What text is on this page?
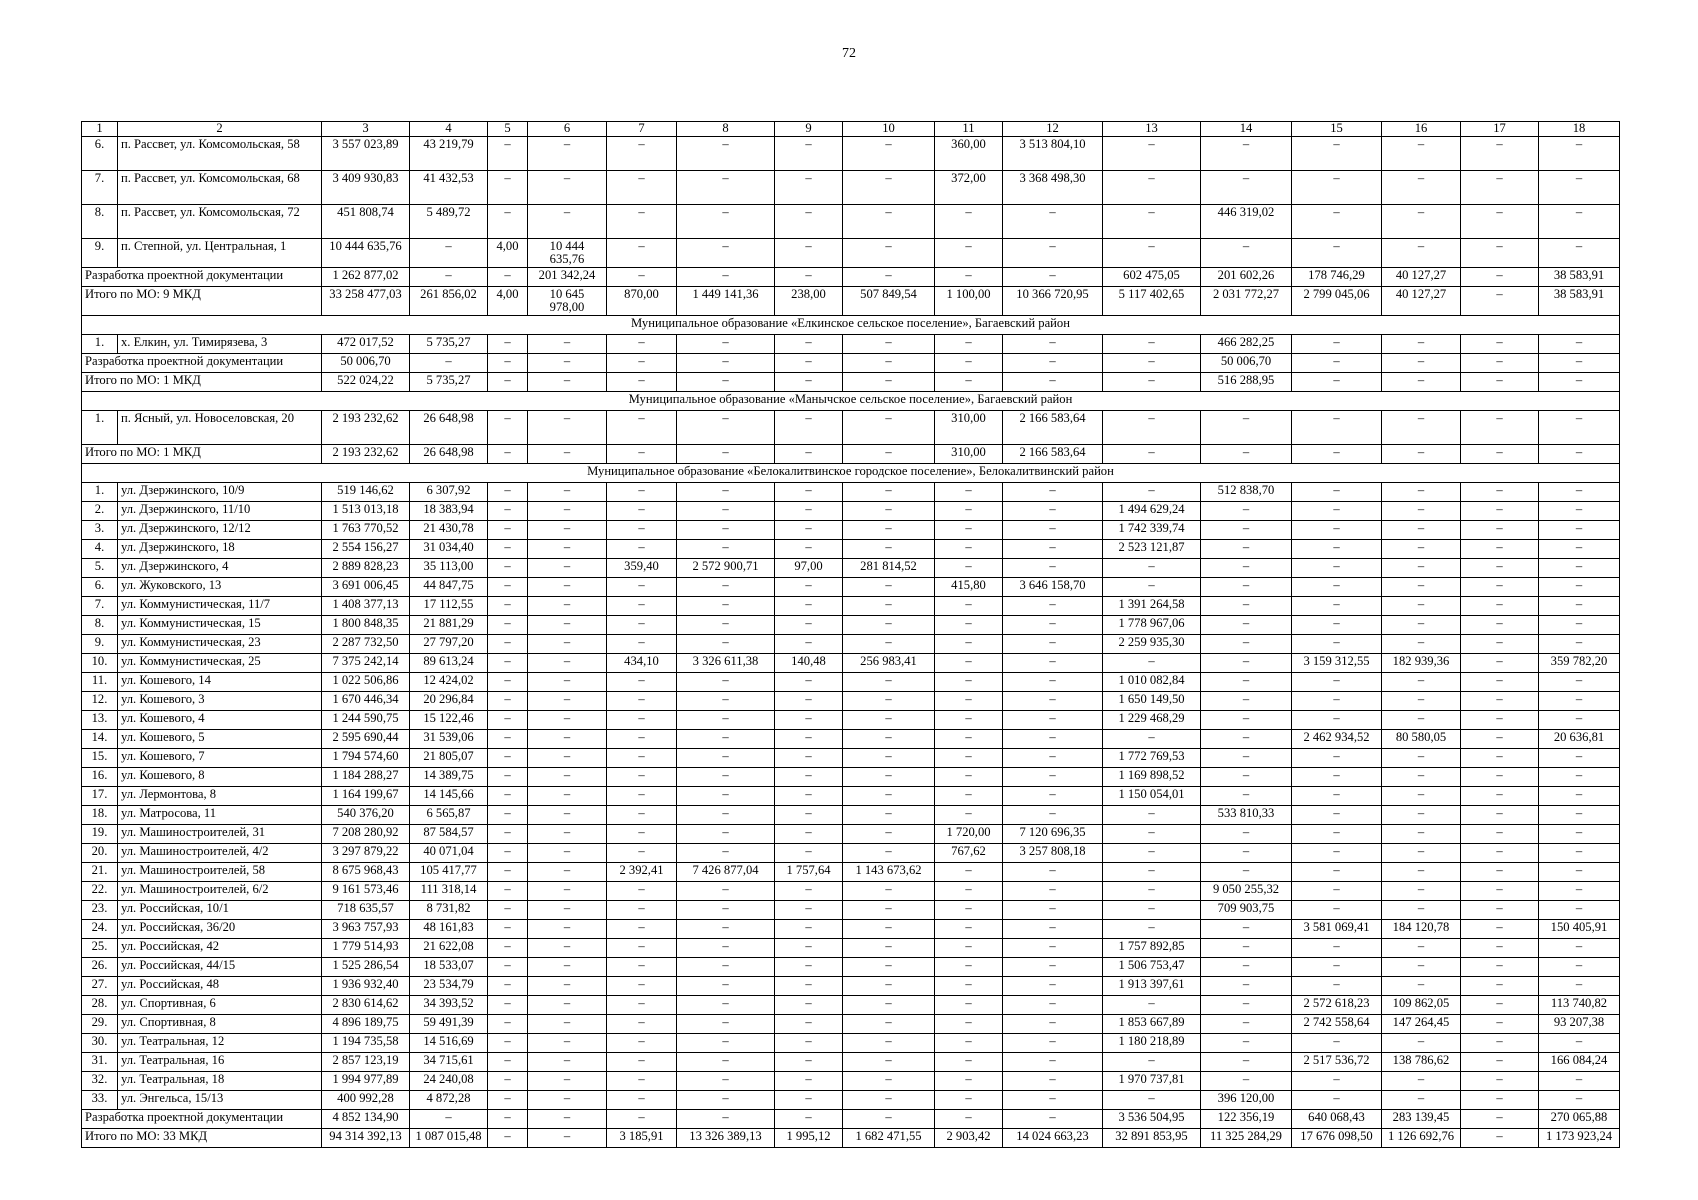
72
1	2	3	4	5	6	7	8	9	10	11	12	13	14	15	16	17	18
6.	п. Рассвет, ул. Комсомольская, 58	3 557 023,89	43 219,79	–	–	–	–	–	–	360,00	3 513 804,10	–	–	–	–	–	–
7.	п. Рассвет, ул. Комсомольская, 68	3 409 930,83	41 432,53	–	–	–	–	–	–	372,00	3 368 498,30	–	–	–	–	–	–
8.	п. Рассвет, ул. Комсомольская, 72	451 808,74	5 489,72	–	–	–	–	–	–	–	–	–	446 319,02	–	–	–	–
9.	п. Степной, ул. Центральная, 1	10 444 635,76	–	4,00	10 444 635,76	–	–	–	–	–	–	–	–	–	–	–	–
Разработка проектной документации		1 262 877,02	–	–	201 342,24	–	–	–	–	–	–	602 475,05	201 602,26	178 746,29	40 127,27	–	38 583,91
Итого по МО: 9 МКД		33 258 477,03	261 856,02	4,00	10 645 978,00	870,00	1 449 141,36	238,00	507 849,54	1 100,00	10 366 720,95	5 117 402,65	2 031 772,27	2 799 045,06	40 127,27	–	38 583,91
Муниципальное образование «Елкинское сельское поселение», Багаевский район																	
1.	х. Елкин, ул. Тимирязева, 3	472 017,52	5 735,27	–	–	–	–	–	–	–	–	–	466 282,25	–	–	–	–
Разработка проектной документации		50 006,70	–	–	–	–	–	–	–	–	–	–	50 006,70	–	–	–	–
Итого по МО: 1 МКД		522 024,22	5 735,27	–	–	–	–	–	–	–	–	–	516 288,95	–	–	–	–
Муниципальное образование «Манычское сельское поселение», Багаевский район																	
1.	п. Ясный, ул. Новоселовская, 20	2 193 232,62	26 648,98	–	–	–	–	–	–	310,00	2 166 583,64	–	–	–	–	–	–
Итого по МО: 1 МКД		2 193 232,62	26 648,98	–	–	–	–	–	–	310,00	2 166 583,64	–	–	–	–	–	–
Муниципальное образование «Белокалитвинское городское поселение», Белокалитвинский район																	
1.	ул. Дзержинского, 10/9	519 146,62	6 307,92	–	–	–	–	–	–	–	–	–	512 838,70	–	–	–	–
2.	ул. Дзержинского, 11/10	1 513 013,18	18 383,94	–	–	–	–	–	–	–	–	1 494 629,24	–	–	–	–	–
3.	ул. Дзержинского, 12/12	1 763 770,52	21 430,78	–	–	–	–	–	–	–	–	1 742 339,74	–	–	–	–	–
4.	ул. Дзержинского, 18	2 554 156,27	31 034,40	–	–	–	–	–	–	–	–	2 523 121,87	–	–	–	–	–
5.	ул. Дзержинского, 4	2 889 828,23	35 113,00	–	–	359,40	2 572 900,71	97,00	281 814,52	–	–	–	–	–	–	–	–
6.	ул. Жуковского, 13	3 691 006,45	44 847,75	–	–	–	–	–	–	415,80	3 646 158,70	–	–	–	–	–	–
7.	ул. Коммунистическая, 11/7	1 408 377,13	17 112,55	–	–	–	–	–	–	–	–	1 391 264,58	–	–	–	–	–
8.	ул. Коммунистическая, 15	1 800 848,35	21 881,29	–	–	–	–	–	–	–	–	1 778 967,06	–	–	–	–	–
9.	ул. Коммунистическая, 23	2 287 732,50	27 797,20	–	–	–	–	–	–	–	–	2 259 935,30	–	–	–	–	–
10.	ул. Коммунистическая, 25	7 375 242,14	89 613,24	–	–	434,10	3 326 611,38	140,48	256 983,41	–	–	–	–	3 159 312,55	182 939,36	–	359 782,20
11.	ул. Кошевого, 14	1 022 506,86	12 424,02	–	–	–	–	–	–	–	–	1 010 082,84	–	–	–	–	–
12.	ул. Кошевого, 3	1 670 446,34	20 296,84	–	–	–	–	–	–	–	–	1 650 149,50	–	–	–	–	–
13.	ул. Кошевого, 4	1 244 590,75	15 122,46	–	–	–	–	–	–	–	–	1 229 468,29	–	–	–	–	–
14.	ул. Кошевого, 5	2 595 690,44	31 539,06	–	–	–	–	–	–	–	–	–	–	2 462 934,52	80 580,05	–	20 636,81
15.	ул. Кошевого, 7	1 794 574,60	21 805,07	–	–	–	–	–	–	–	–	1 772 769,53	–	–	–	–	–
16.	ул. Кошевого, 8	1 184 288,27	14 389,75	–	–	–	–	–	–	–	–	1 169 898,52	–	–	–	–	–
17.	ул. Лермонтова, 8	1 164 199,67	14 145,66	–	–	–	–	–	–	–	–	1 150 054,01	–	–	–	–	–
18.	ул. Матросова, 11	540 376,20	6 565,87	–	–	–	–	–	–	–	–	–	533 810,33	–	–	–	–
19.	ул. Машиностроителей, 31	7 208 280,92	87 584,57	–	–	–	–	–	–	1 720,00	7 120 696,35	–	–	–	–	–	–
20.	ул. Машиностроителей, 4/2	3 297 879,22	40 071,04	–	–	–	–	–	–	767,62	3 257 808,18	–	–	–	–	–	–
21.	ул. Машиностроителей, 58	8 675 968,43	105 417,77	–	–	2 392,41	7 426 877,04	1 757,64	1 143 673,62	–	–	–	–	–	–	–	–
22.	ул. Машиностроителей, 6/2	9 161 573,46	111 318,14	–	–	–	–	–	–	–	–	–	9 050 255,32	–	–	–	–
23.	ул. Российская, 10/1	718 635,57	8 731,82	–	–	–	–	–	–	–	–	–	709 903,75	–	–	–	–
24.	ул. Российская, 36/20	3 963 757,93	48 161,83	–	–	–	–	–	–	–	–	–	–	3 581 069,41	184 120,78	–	150 405,91
25.	ул. Российская, 42	1 779 514,93	21 622,08	–	–	–	–	–	–	–	–	1 757 892,85	–	–	–	–	–
26.	ул. Российская, 44/15	1 525 286,54	18 533,07	–	–	–	–	–	–	–	–	1 506 753,47	–	–	–	–	–
27.	ул. Российская, 48	1 936 932,40	23 534,79	–	–	–	–	–	–	–	–	1 913 397,61	–	–	–	–	–
28.	ул. Спортивная, 6	2 830 614,62	34 393,52	–	–	–	–	–	–	–	–	–	–	2 572 618,23	109 862,05	–	113 740,82
29.	ул. Спортивная, 8	4 896 189,75	59 491,39	–	–	–	–	–	–	–	–	1 853 667,89	–	2 742 558,64	147 264,45	–	93 207,38
30.	ул. Театральная, 12	1 194 735,58	14 516,69	–	–	–	–	–	–	–	–	1 180 218,89	–	–	–	–	–
31.	ул. Театральная, 16	2 857 123,19	34 715,61	–	–	–	–	–	–	–	–	–	–	2 517 536,72	138 786,62	–	166 084,24
32.	ул. Театральная, 18	1 994 977,89	24 240,08	–	–	–	–	–	–	–	–	1 970 737,81	–	–	–	–	–
33.	ул. Энгельса, 15/13	400 992,28	4 872,28	–	–	–	–	–	–	–	–	–	396 120,00	–	–	–	–
Разработка проектной документации		4 852 134,90	–	–	–	–	–	–	–	–	–	3 536 504,95	122 356,19	640 068,43	283 139,45	–	270 065,88
Итого по МО: 33 МКД		94 314 392,13	1 087 015,48	–	–	3 185,91	13 326 389,13	1 995,12	1 682 471,55	2 903,42	14 024 663,23	32 891 853,95	11 325 284,29	17 676 098,50	1 126 692,76	–	1 173 923,24
